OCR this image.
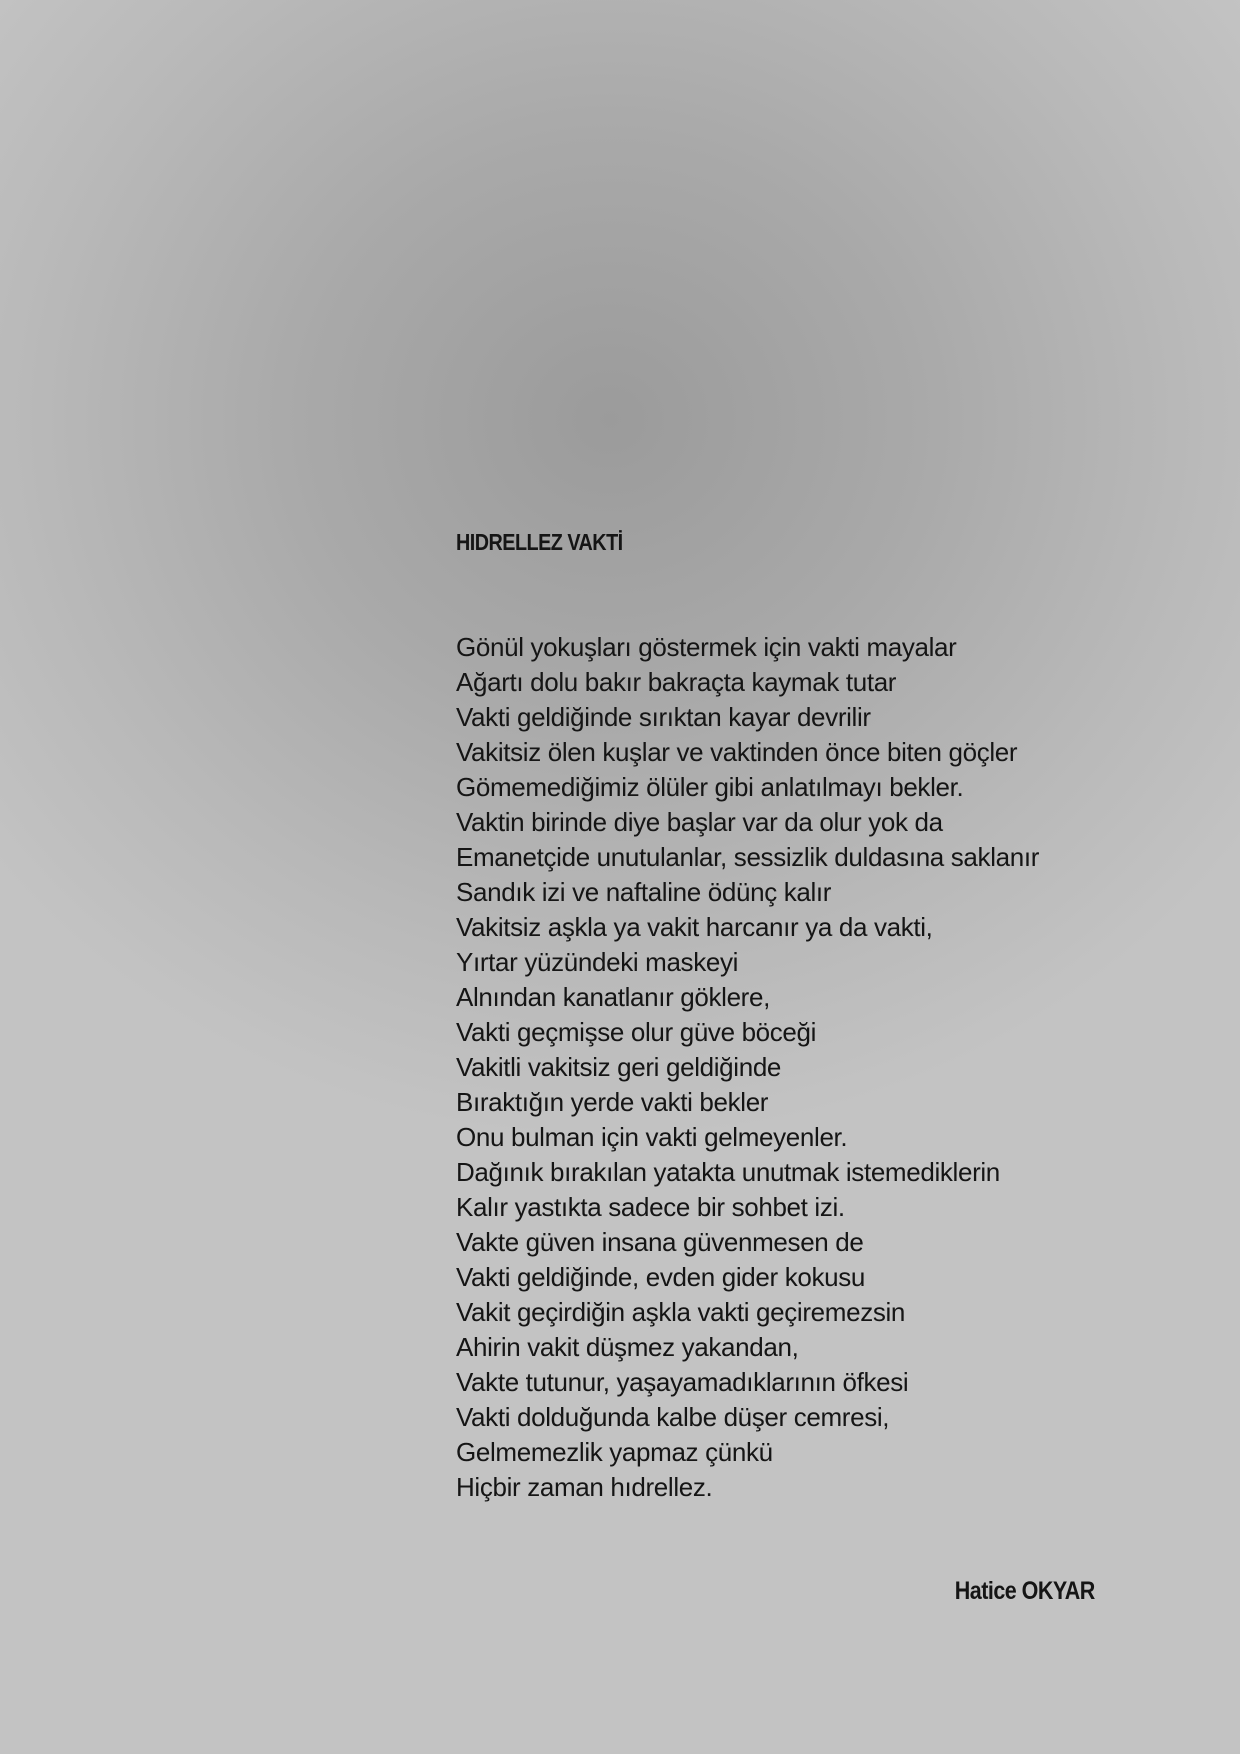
HIDRELLEZ VAKTİ
Gönül yokuşları göstermek için vakti mayalar
Ağartı dolu bakır bakraçta kaymak tutar
Vakti geldiğinde sırıktan kayar devrilir
Vakitsiz ölen kuşlar ve vaktinden önce biten göçler
Gömemediğimiz ölüler gibi anlatılmayı bekler.
Vaktin birinde diye başlar var da olur yok da
Emanetçide unutulanlar, sessizlik duldasına saklanır
Sandık izi ve naftaline ödünç kalır
Vakitsiz aşkla ya vakit harcanır ya da vakti,
Yırtar yüzündeki maskeyi
Alnından kanatlanır göklere,
Vakti geçmişse olur güve böceği
Vakitli vakitsiz geri geldiğinde
Bıraktığın yerde vakti bekler
Onu bulman için vakti gelmeyenler.
Dağınık bırakılan yatakta unutmak istemediklerin
Kalır yastıkta sadece bir sohbet izi.
Vakte güven insana güvenmesen de
Vakti geldiğinde, evden gider kokusu
Vakit geçirdiğin aşkla vakti geçiremezsin
Ahirin vakit düşmez yakandan,
Vakte tutunur, yaşayamadıklarının öfkesi
Vakti dolduğunda kalbe düşer cemresi,
Gelmemezlik yapmaz çünkü
Hiçbir zaman hıdrellez.

Hatice OKYAR
